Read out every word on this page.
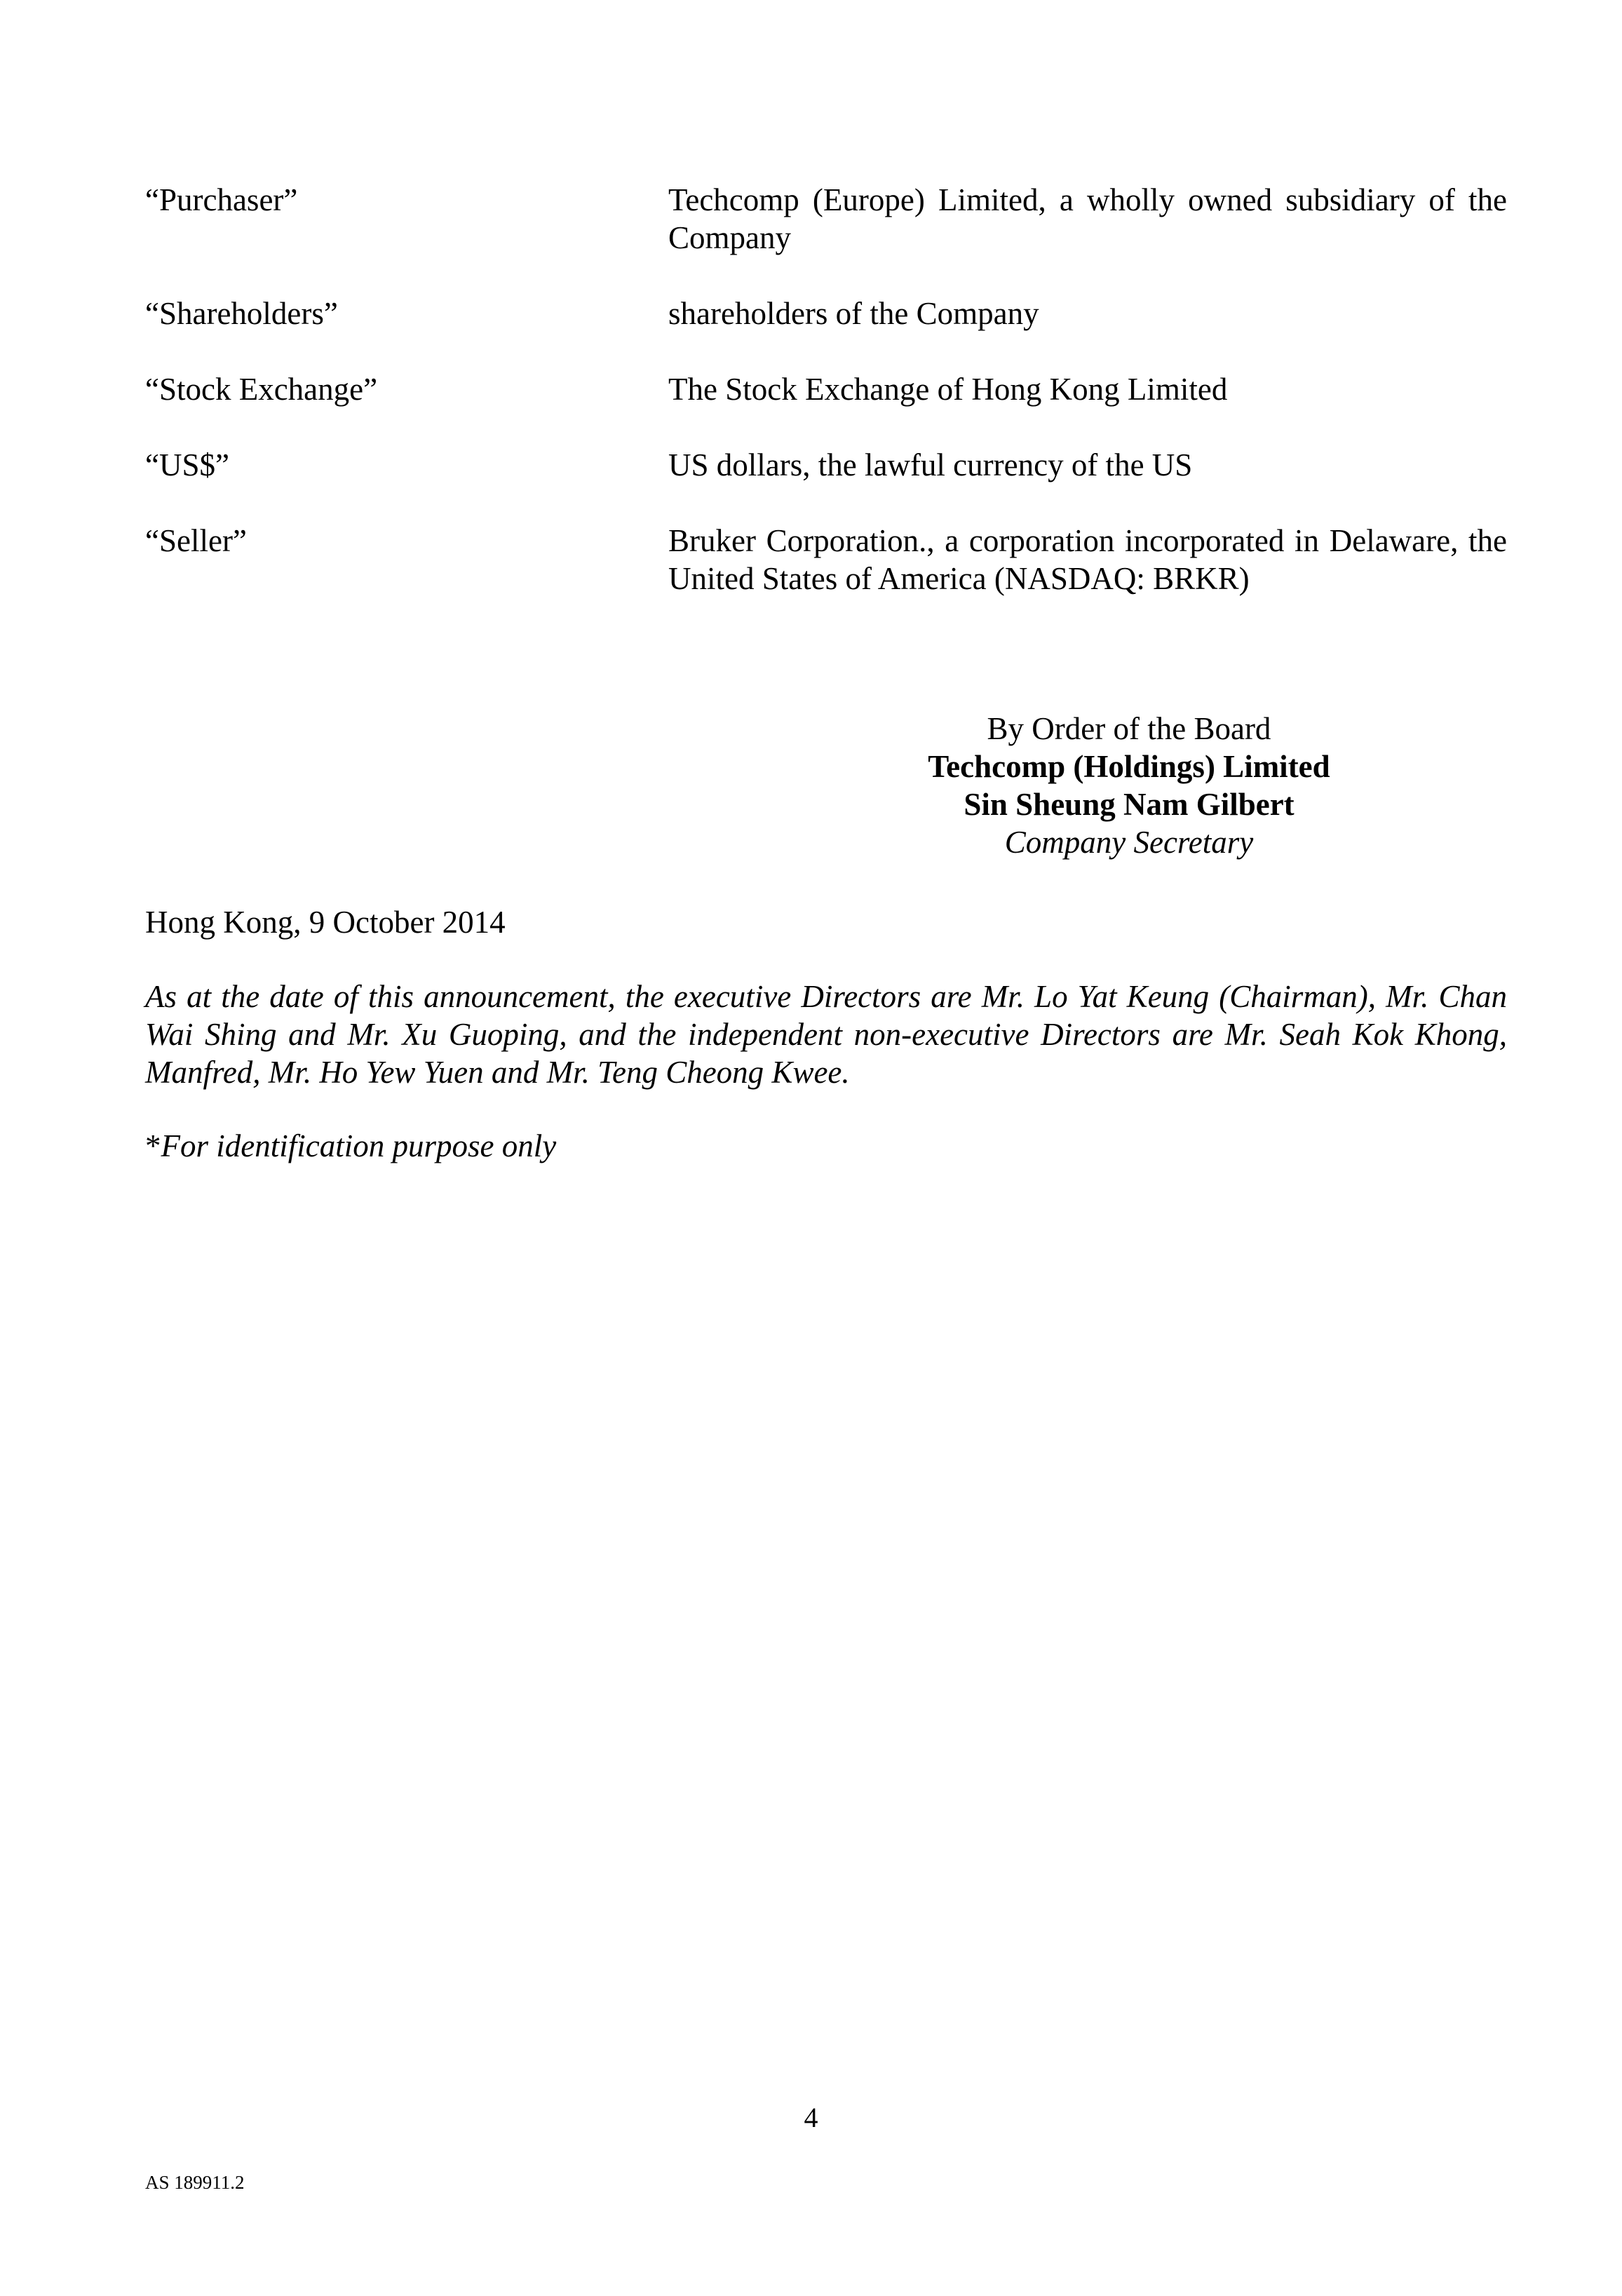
“Purchaser”	Techcomp (Europe) Limited, a wholly owned subsidiary of the Company
“Shareholders”	shareholders of the Company
“Stock Exchange”	The Stock Exchange of Hong Kong Limited
“US$”	US dollars, the lawful currency of the US
“Seller”	Bruker Corporation., a corporation incorporated in Delaware, the United States of America (NASDAQ: BRKR)
By Order of the Board
Techcomp (Holdings) Limited
Sin Sheung Nam Gilbert
Company Secretary
Hong Kong, 9 October 2014
As at the date of this announcement, the executive Directors are Mr. Lo Yat Keung (Chairman), Mr. Chan Wai Shing and Mr. Xu Guoping, and the independent non-executive Directors are Mr. Seah Kok Khong, Manfred, Mr. Ho Yew Yuen and Mr. Teng Cheong Kwee.
*For identification purpose only
4
AS 189911.2
